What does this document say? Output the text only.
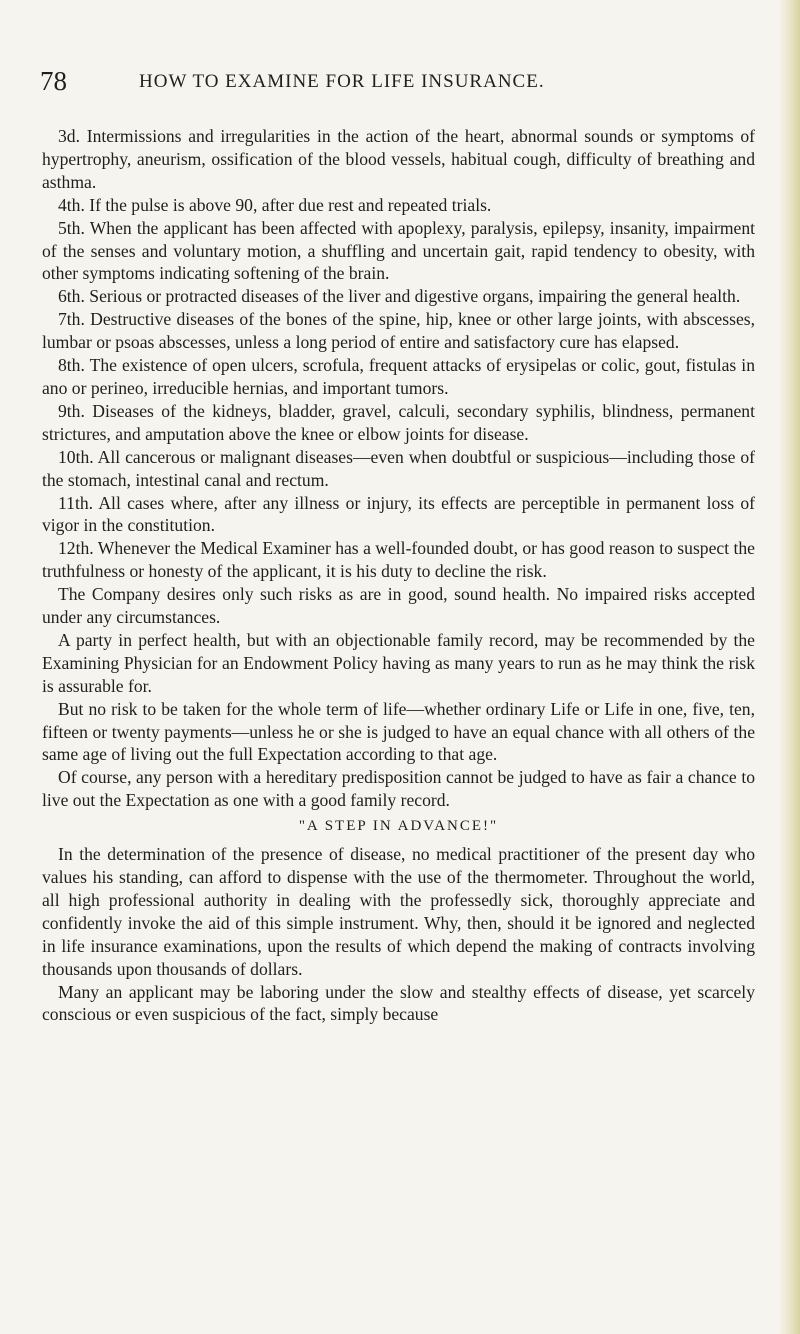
78	HOW TO EXAMINE FOR LIFE INSURANCE.

3d. Intermissions and irregularities in the action of the heart, abnormal sounds or symptoms of hypertrophy, aneurism, ossification of the blood vessels, habitual cough, difficulty of breathing and asthma.

4th. If the pulse is above 90, after due rest and repeated trials.

5th. When the applicant has been affected with apoplexy, paralysis, epilepsy, insanity, impairment of the senses and voluntary motion, a shuffling and uncertain gait, rapid tendency to obesity, with other symptoms indicating softening of the brain.

6th. Serious or protracted diseases of the liver and digestive organs, impairing the general health.

7th. Destructive diseases of the bones of the spine, hip, knee or other large joints, with abscesses, lumbar or psoas abscesses, unless a long period of entire and satisfactory cure has elapsed.

8th. The existence of open ulcers, scrofula, frequent attacks of erysipelas or colic, gout, fistulas in ano or perineo, irreducible hernias, and important tumors.

9th. Diseases of the kidneys, bladder, gravel, calculi, secondary syphilis, blindness, permanent strictures, and amputation above the knee or elbow joints for disease.

10th. All cancerous or malignant diseases—even when doubtful or suspicious—including those of the stomach, intestinal canal and rectum.

11th. All cases where, after any illness or injury, its effects are perceptible in permanent loss of vigor in the constitution.

12th. Whenever the Medical Examiner has a well-founded doubt, or has good reason to suspect the truthfulness or honesty of the applicant, it is his duty to decline the risk.

The Company desires only such risks as are in good, sound health. No impaired risks accepted under any circumstances.

A party in perfect health, but with an objectionable family record, may be recommended by the Examining Physician for an Endowment Policy having as many years to run as he may think the risk is assurable for.

But no risk to be taken for the whole term of life—whether ordinary Life or Life in one, five, ten, fifteen or twenty payments—unless he or she is judged to have an equal chance with all others of the same age of living out the full Expectation according to that age.

Of course, any person with a hereditary predisposition cannot be judged to have as fair a chance to live out the Expectation as one with a good family record.

"A STEP IN ADVANCE!"

In the determination of the presence of disease, no medical practitioner of the present day who values his standing, can afford to dispense with the use of the thermometer. Throughout the world, all high professional authority in dealing with the professedly sick, thoroughly appreciate and confidently invoke the aid of this simple instrument. Why, then, should it be ignored and neglected in life insurance examinations, upon the results of which depend the making of contracts involving thousands upon thousands of dollars.

Many an applicant may be laboring under the slow and stealthy effects of disease, yet scarcely conscious or even suspicious of the fact, simply because
